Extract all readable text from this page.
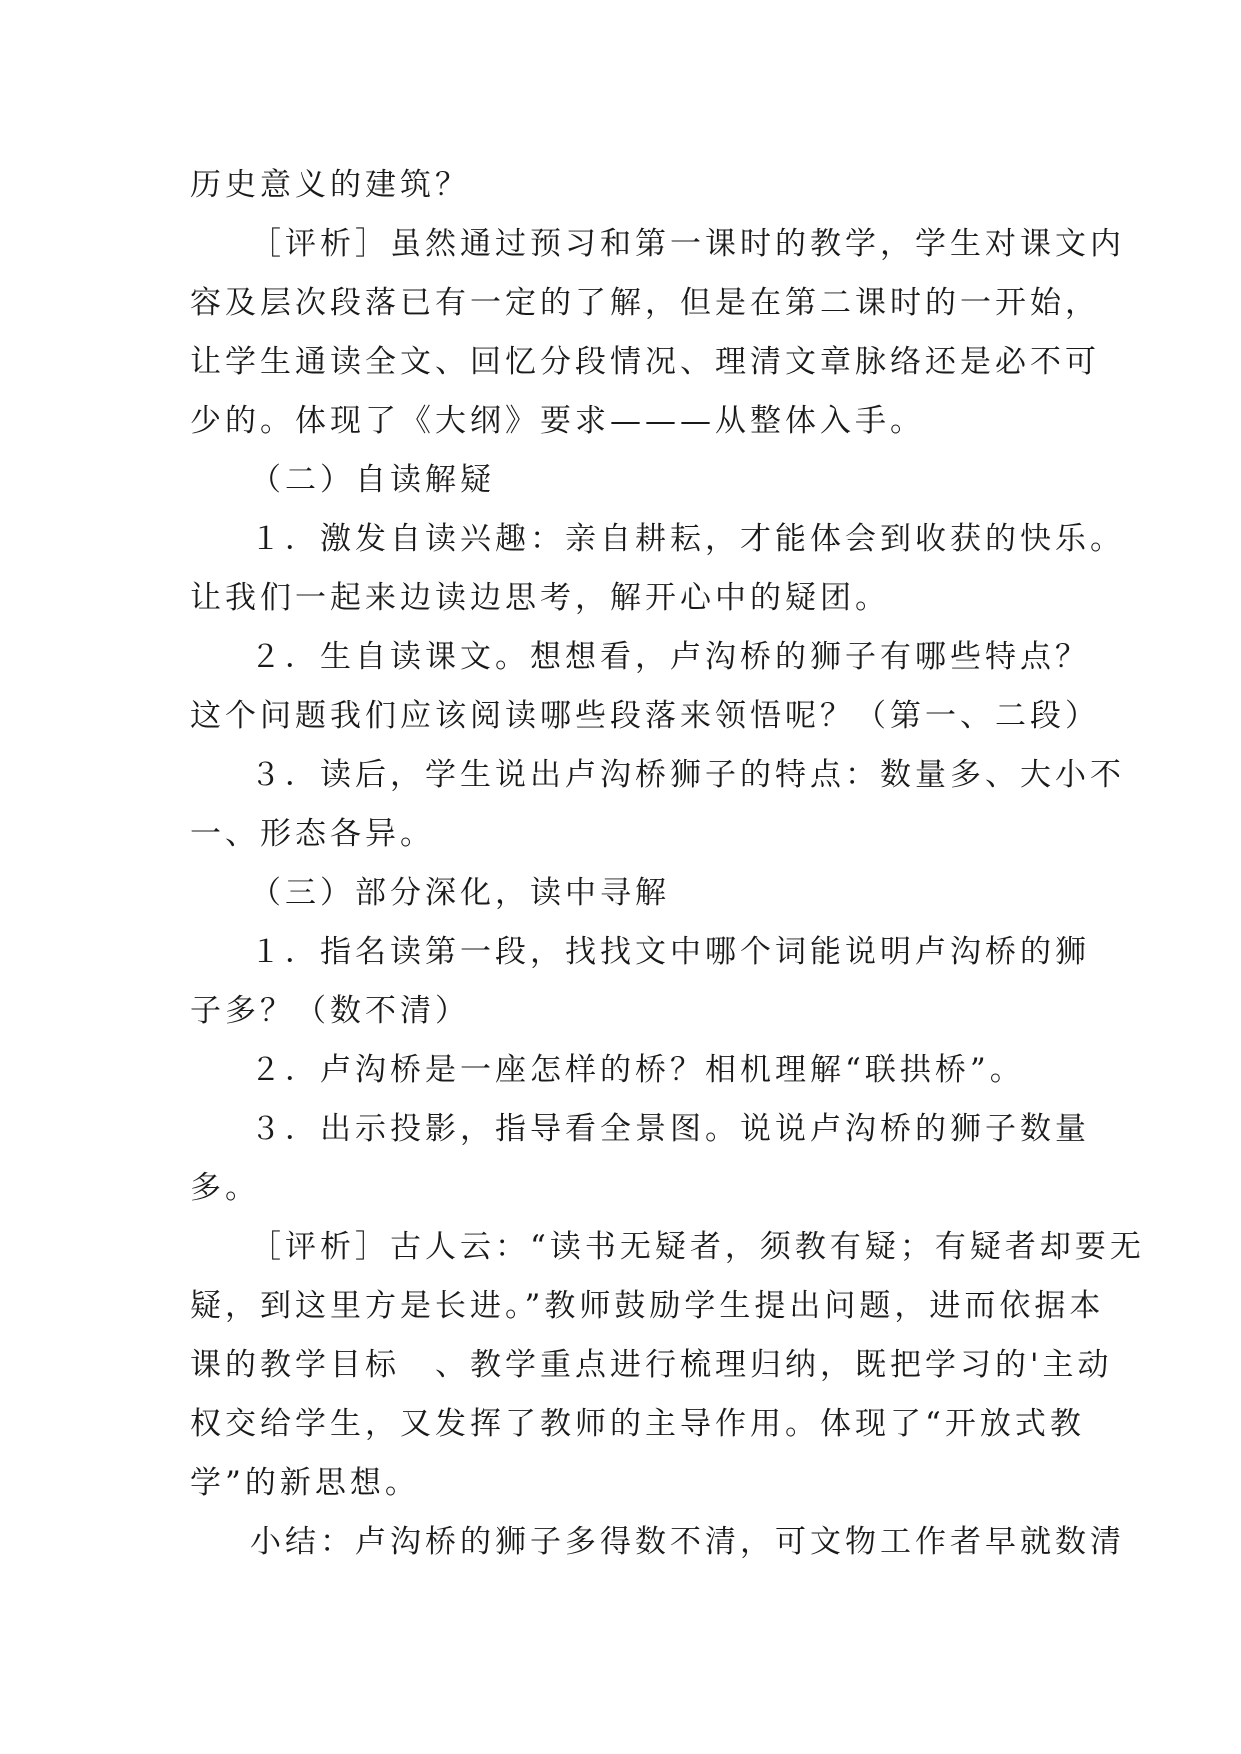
历史意义的建筑？
［评析］虽然通过预习和第一课时的教学，学生对课文内
容及层次段落已有一定的了解，但是在第二课时的一开始，
让学生通读全文、回忆分段情况、理清文章脉络还是必不可
少的。体现了《大纲》要求———从整体入手。
（二）自读解疑
１．激发自读兴趣：亲自耕耘，才能体会到收获的快乐。
让我们一起来边读边思考，解开心中的疑团。
２．生自读课文。想想看，卢沟桥的狮子有哪些特点？
这个问题我们应该阅读哪些段落来领悟呢？（第一、二段）
３．读后，学生说出卢沟桥狮子的特点：数量多、大小不
一、形态各异。
（三）部分深化，读中寻解
１．指名读第一段，找找文中哪个词能说明卢沟桥的狮
子多？（数不清）
２．卢沟桥是一座怎样的桥？相机理解“联拱桥”。
３．出示投影，指导看全景图。说说卢沟桥的狮子数量
多。
［评析］古人云：“读书无疑者，须教有疑；有疑者却要无
疑，到这里方是长进。”教师鼓励学生提出问题，进而依据本
课的教学目标　、教学重点进行梳理归纳，既把学习的'主动
权交给学生，又发挥了教师的主导作用。体现了“开放式教
学”的新思想。
小结：卢沟桥的狮子多得数不清，可文物工作者早就数清
